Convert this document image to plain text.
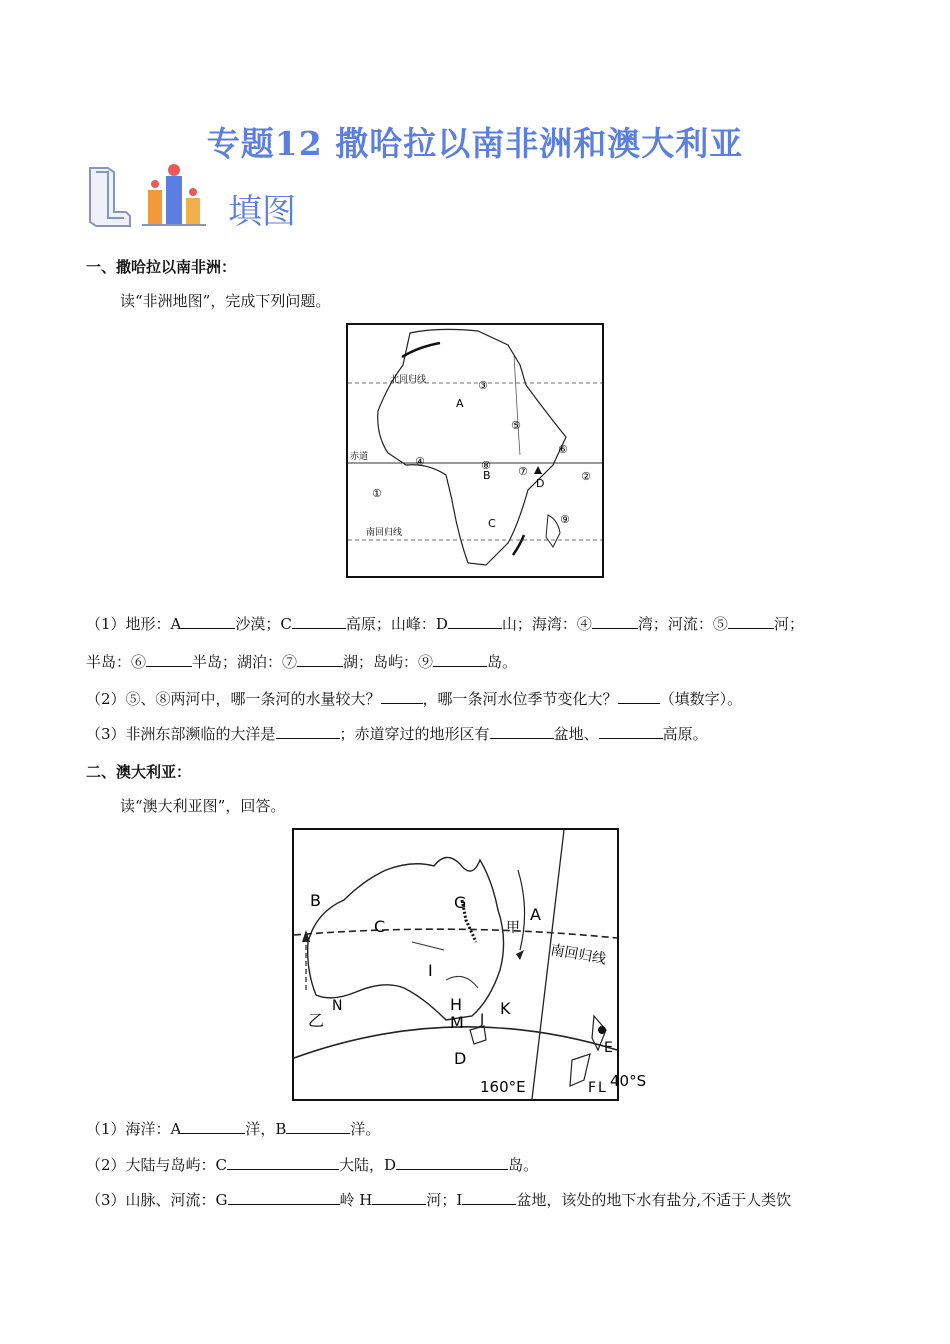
专题12 撒哈拉以南非洲和澳大利亚
填图
一、撒哈拉以南非洲：
读“非洲地图”，完成下列问题。
北回归线
赤道
南回归线
A
B
C
D
①
②
③
④
⑤
⑥
⑦
⑧
⑨
（1）地形：A	沙漠；C	高原；山峰：D	山；海湾：④	湾；河流：⑤	河；
半岛：⑥	半岛；湖泊：⑦	湖；岛屿：⑨	岛。
（2）⑤、⑧两河中，哪一条河的水量较大？	，哪一条河水位季节变化大？	（填数字）。
（3）非洲东部濒临的大洋是	；赤道穿过的地形区有	盆地、	高原。
二、澳大利亚：
读“澳大利亚图”，回答。
A
B
C
D
E
F
G
H
I
J
K
L
M
N
甲
乙
南回归线
160°E	40°S
（1）海洋：A	洋，B	洋。
（2）大陆与岛屿：C	大陆，D	岛。
（3）山脉、河流：G	岭 H	河；I	盆地，该处的地下水有盐分,不适于人类饮
